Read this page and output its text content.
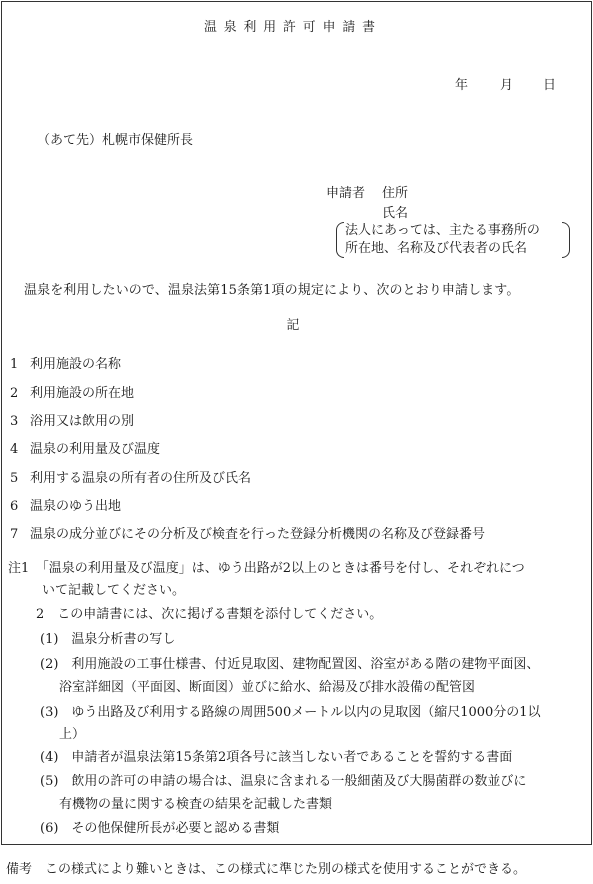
温泉利用許可申請書
年 月 日
（あて先）札幌市保健所長
申請者 住所
氏名
法人にあっては、主たる事務所の
所在地、名称及び代表者の氏名
温泉を利用したいので、温泉法第15条第1項の規定により、次のとおり申請します。
記
1 利用施設の名称
2 利用施設の所在地
3 浴用又は飲用の別
4 温泉の利用量及び温度
5 利用する温泉の所有者の住所及び氏名
6 温泉のゆう出地
7 温泉の成分並びにその分析及び検査を行った登録分析機関の名称及び登録番号
注1　「温泉の利用量及び温度」は、ゆう出路が2以上のときは番号を付し、それぞれにつ
いて記載してください。
2　この申請書には、次に掲げる書類を添付してください。
(1)　温泉分析書の写し
(2)　利用施設の工事仕様書、付近見取図、建物配置図、浴室がある階の建物平面図、
浴室詳細図（平面図、断面図）並びに給水、給湯及び排水設備の配管図
(3)　ゆう出路及び利用する路線の周囲500メートル以内の見取図（縮尺1000分の1以
上）
(4)　申請者が温泉法第15条第2項各号に該当しない者であることを誓約する書面
(5)　飲用の許可の申請の場合は、温泉に含まれる一般細菌及び大腸菌群の数並びに
有機物の量に関する検査の結果を記載した書類
(6)　その他保健所長が必要と認める書類
備考　この様式により難いときは、この様式に準じた別の様式を使用することができる。
